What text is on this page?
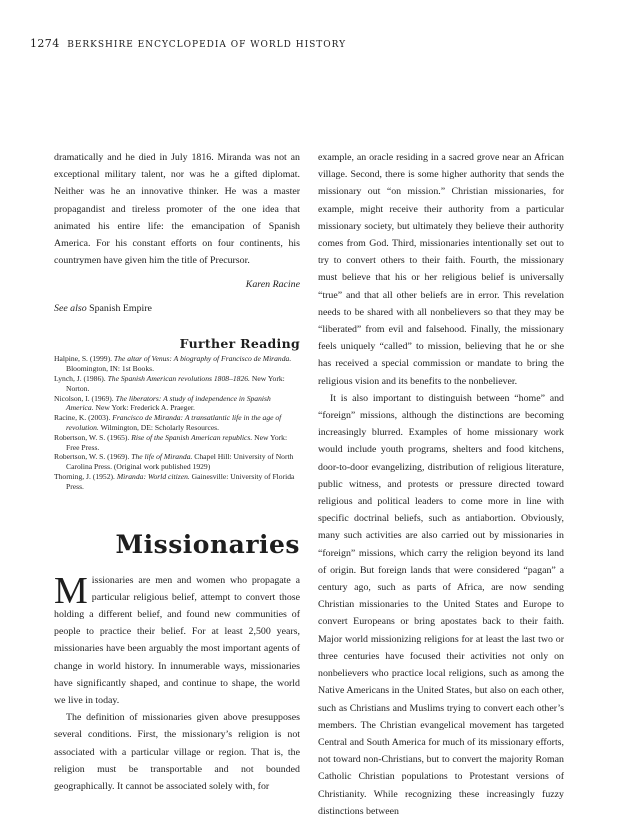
1274 BERKSHIRE ENCYCLOPEDIA OF WORLD HISTORY

dramatically and he died in July 1816. Miranda was not an exceptional military talent, nor was he a gifted diplomat. Neither was he an innovative thinker. He was a master propagandist and tireless promoter of the one idea that animated his entire life: the emancipation of Spanish America. For his constant efforts on four continents, his countrymen have given him the title of Precursor.

Karen Racine
See also Spanish Empire
Further Reading
Halpine, S. (1999). The altar of Venus: A biography of Francisco de Miranda. Bloomington, IN: 1st Books.
Lynch, J. (1986). The Spanish American revolutions 1808–1826. New York: Norton.
Nicolson, I. (1969). The liberators: A study of independence in Spanish America. New York: Frederick A. Praeger.
Racine, K. (2003). Francisco de Miranda: A transatlantic life in the age of revolution. Wilmington, DE: Scholarly Resources.
Robertson, W. S. (1965). Rise of the Spanish American republics. New York: Free Press.
Robertson, W. S. (1969). The life of Miranda. Chapel Hill: University of North Carolina Press. (Original work published 1929)
Thorning, J. (1952). Miranda: World citizen. Gainesville: University of Florida Press.
Missionaries

Missionaries are men and women who propagate a particular religious belief, attempt to convert those holding a different belief, and found new communities of people to practice their belief. For at least 2,500 years, missionaries have been arguably the most important agents of change in world history. In innumerable ways, missionaries have significantly shaped, and continue to shape, the world we live in today.

The definition of missionaries given above presupposes several conditions. First, the missionary’s religion is not associated with a particular village or region. That is, the religion must be transportable and not bounded geographically. It cannot be associated solely with, for

example, an oracle residing in a sacred grove near an African village. Second, there is some higher authority that sends the missionary out “on mission.” Christian missionaries, for example, might receive their authority from a particular missionary society, but ultimately they believe their authority comes from God. Third, missionaries intentionally set out to try to convert others to their faith. Fourth, the missionary must believe that his or her religious belief is universally “true” and that all other beliefs are in error. This revelation needs to be shared with all nonbelievers so that they may be “liberated” from evil and falsehood. Finally, the missionary feels uniquely “called” to mission, believing that he or she has received a special commission or mandate to bring the religious vision and its benefits to the nonbeliever.

It is also important to distinguish between “home” and “foreign” missions, although the distinctions are becoming increasingly blurred. Examples of home missionary work would include youth programs, shelters and food kitchens, door-to-door evangelizing, distribution of religious literature, public witness, and protests or pressure directed toward religious and political leaders to come more in line with specific doctrinal beliefs, such as antiabortion. Obviously, many such activities are also carried out by missionaries in “foreign” missions, which carry the religion beyond its land of origin. But foreign lands that were considered “pagan” a century ago, such as parts of Africa, are now sending Christian missionaries to the United States and Europe to convert Europeans or bring apostates back to their faith. Major world missionizing religions for at least the last two or three centuries have focused their activities not only on nonbelievers who practice local religions, such as among the Native Americans in the United States, but also on each other, such as Christians and Muslims trying to convert each other’s members. The Christian evangelical movement has targeted Central and South America for much of its missionary efforts, not toward non-Christians, but to convert the majority Roman Catholic Christian populations to Protestant versions of Christianity. While recognizing these increasingly fuzzy distinctions between
